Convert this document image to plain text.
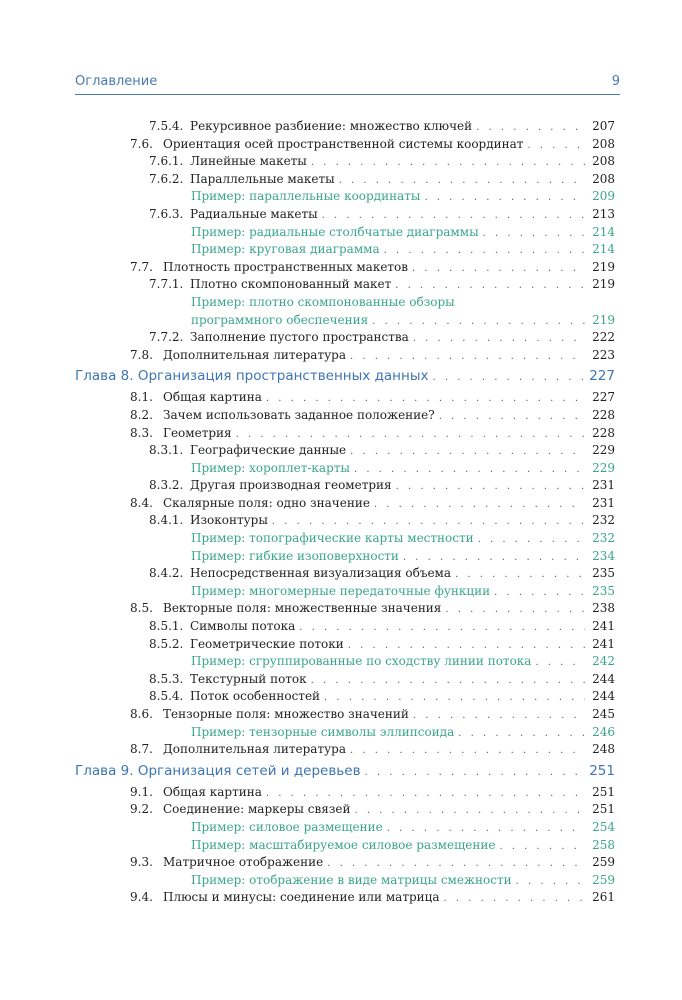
Оглавление	9
7.5.4. Рекурсивное разбиение: множество ключей . . .	207
7.6. Ориентация осей пространственной системы координат . . .	208
7.6.1. Линейные макеты . . .	208
7.6.2. Параллельные макеты . . .	208
Пример: параллельные координаты . . .	209
7.6.3. Радиальные макеты . . .	213
Пример: радиальные столбчатые диаграммы . . .	214
Пример: круговая диаграмма . . .	214
7.7. Плотность пространственных макетов . . .	219
7.7.1. Плотно скомпонованный макет . . .	219
Пример: плотно скомпонованные обзоры
программного обеспечения . . .	219
7.7.2. Заполнение пустого пространства . . .	222
7.8. Дополнительная литература . . .	223
Глава 8. Организация пространственных данных . . .	227
8.1. Общая картина . . .	227
8.2. Зачем использовать заданное положение? . . .	228
8.3. Геометрия . . .	228
8.3.1. Географические данные . . .	229
Пример: хороплет-карты . . .	229
8.3.2. Другая производная геометрия . . .	231
8.4. Скалярные поля: одно значение . . .	231
8.4.1. Изоконтуры . . .	232
Пример: топографические карты местности . . .	232
Пример: гибкие изоповерхности . . .	234
8.4.2. Непосредственная визуализация объема . . .	235
Пример: многомерные передаточные функции . . .	235
8.5. Векторные поля: множественные значения . . .	238
8.5.1. Символы потока . . .	241
8.5.2. Геометрические потоки . . .	241
Пример: сгруппированные по сходству линии потока . . .	242
8.5.3. Текстурный поток . . .	244
8.5.4. Поток особенностей . . .	244
8.6. Тензорные поля: множество значений . . .	245
Пример: тензорные символы эллипсоида . . .	246
8.7. Дополнительная литература . . .	248
Глава 9. Организация сетей и деревьев . . .	251
9.1. Общая картина . . .	251
9.2. Соединение: маркеры связей . . .	251
Пример: силовое размещение . . .	254
Пример: масштабируемое силовое размещение . . .	258
9.3. Матричное отображение . . .	259
Пример: отображение в виде матрицы смежности . . .	259
9.4. Плюсы и минусы: соединение или матрица . . .	261
